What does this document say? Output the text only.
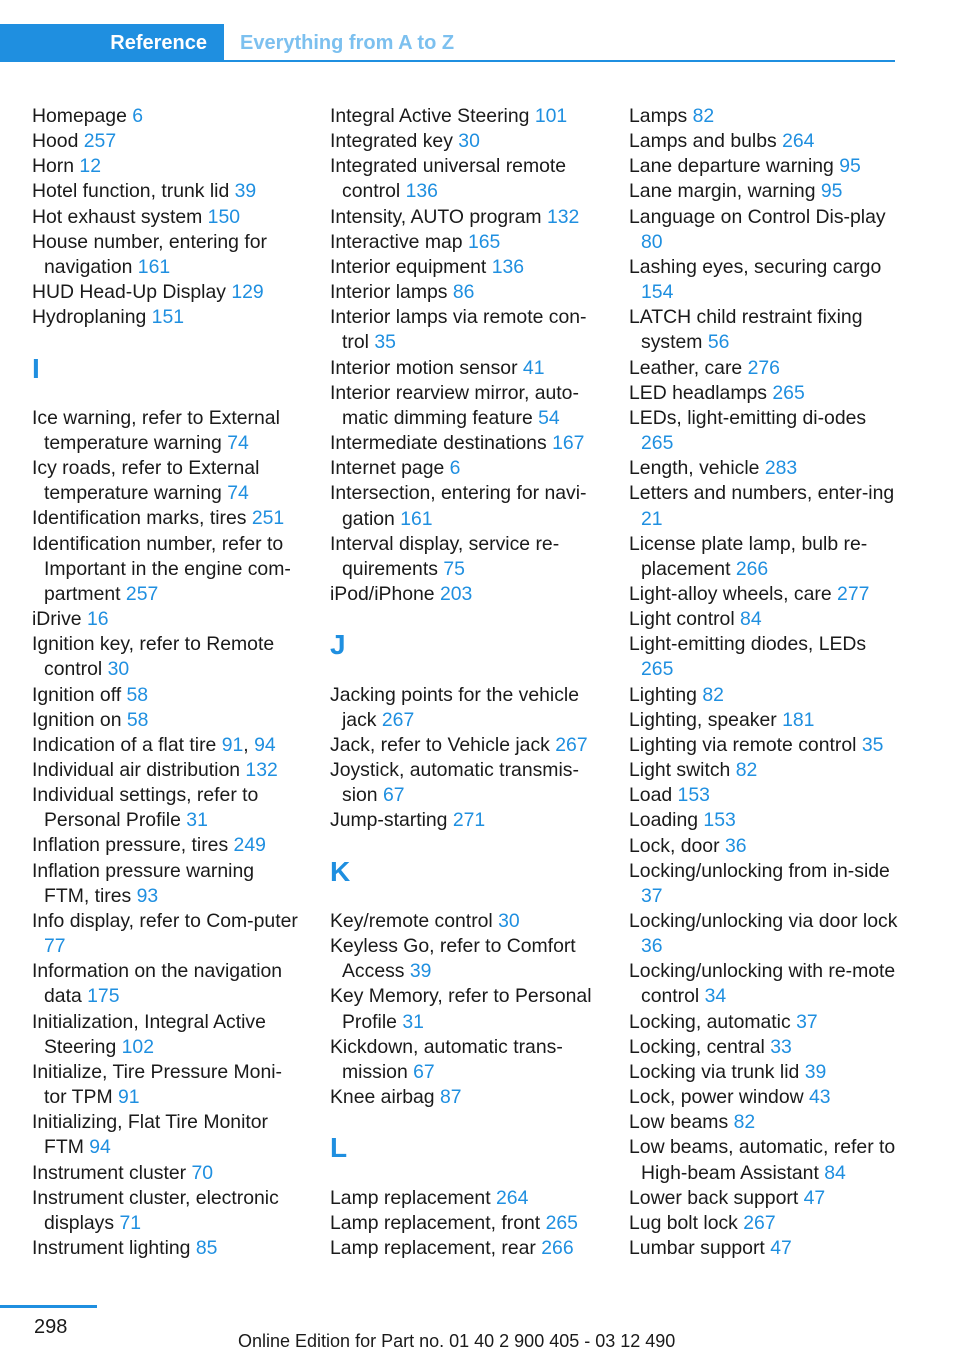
Reference	Everything from A to Z
Homepage 6
Hood 257
Horn 12
Hotel function, trunk lid 39
Hot exhaust system 150
House number, entering for navigation 161
HUD Head-Up Display 129
Hydroplaning 151
I
Ice warning, refer to External temperature warning 74
Icy roads, refer to External temperature warning 74
Identification marks, tires 251
Identification number, refer to Important in the engine com-partment 257
iDrive 16
Ignition key, refer to Remote control 30
Ignition off 58
Ignition on 58
Indication of a flat tire 91, 94
Individual air distribution 132
Individual settings, refer to Personal Profile 31
Inflation pressure, tires 249
Inflation pressure warning FTM, tires 93
Info display, refer to Com-puter 77
Information on the navigation data 175
Initialization, Integral Active Steering 102
Initialize, Tire Pressure Moni-tor TPM 91
Initializing, Flat Tire Monitor FTM 94
Instrument cluster 70
Instrument cluster, electronic displays 71
Instrument lighting 85
Integral Active Steering 101
Integrated key 30
Integrated universal remote control 136
Intensity, AUTO program 132
Interactive map 165
Interior equipment 136
Interior lamps 86
Interior lamps via remote con-trol 35
Interior motion sensor 41
Interior rearview mirror, auto-matic dimming feature 54
Intermediate destinations 167
Internet page 6
Intersection, entering for navi-gation 161
Interval display, service re-quirements 75
iPod/iPhone 203
J
Jacking points for the vehicle jack 267
Jack, refer to Vehicle jack 267
Joystick, automatic transmis-sion 67
Jump-starting 271
K
Key/remote control 30
Keyless Go, refer to Comfort Access 39
Key Memory, refer to Personal Profile 31
Kickdown, automatic trans-mission 67
Knee airbag 87
L
Lamp replacement 264
Lamp replacement, front 265
Lamp replacement, rear 266
Lamps 82
Lamps and bulbs 264
Lane departure warning 95
Lane margin, warning 95
Language on Control Dis-play 80
Lashing eyes, securing cargo 154
LATCH child restraint fixing system 56
Leather, care 276
LED headlamps 265
LEDs, light-emitting di-odes 265
Length, vehicle 283
Letters and numbers, enter-ing 21
License plate lamp, bulb re-placement 266
Light-alloy wheels, care 277
Light control 84
Light-emitting diodes, LEDs 265
Lighting 82
Lighting, speaker 181
Lighting via remote control 35
Light switch 82
Load 153
Loading 153
Lock, door 36
Locking/unlocking from in-side 37
Locking/unlocking via door lock 36
Locking/unlocking with re-mote control 34
Locking, automatic 37
Locking, central 33
Locking via trunk lid 39
Lock, power window 43
Low beams 82
Low beams, automatic, refer to High-beam Assistant 84
Lower back support 47
Lug bolt lock 267
Lumbar support 47
298
Online Edition for Part no. 01 40 2 900 405 - 03 12 490
